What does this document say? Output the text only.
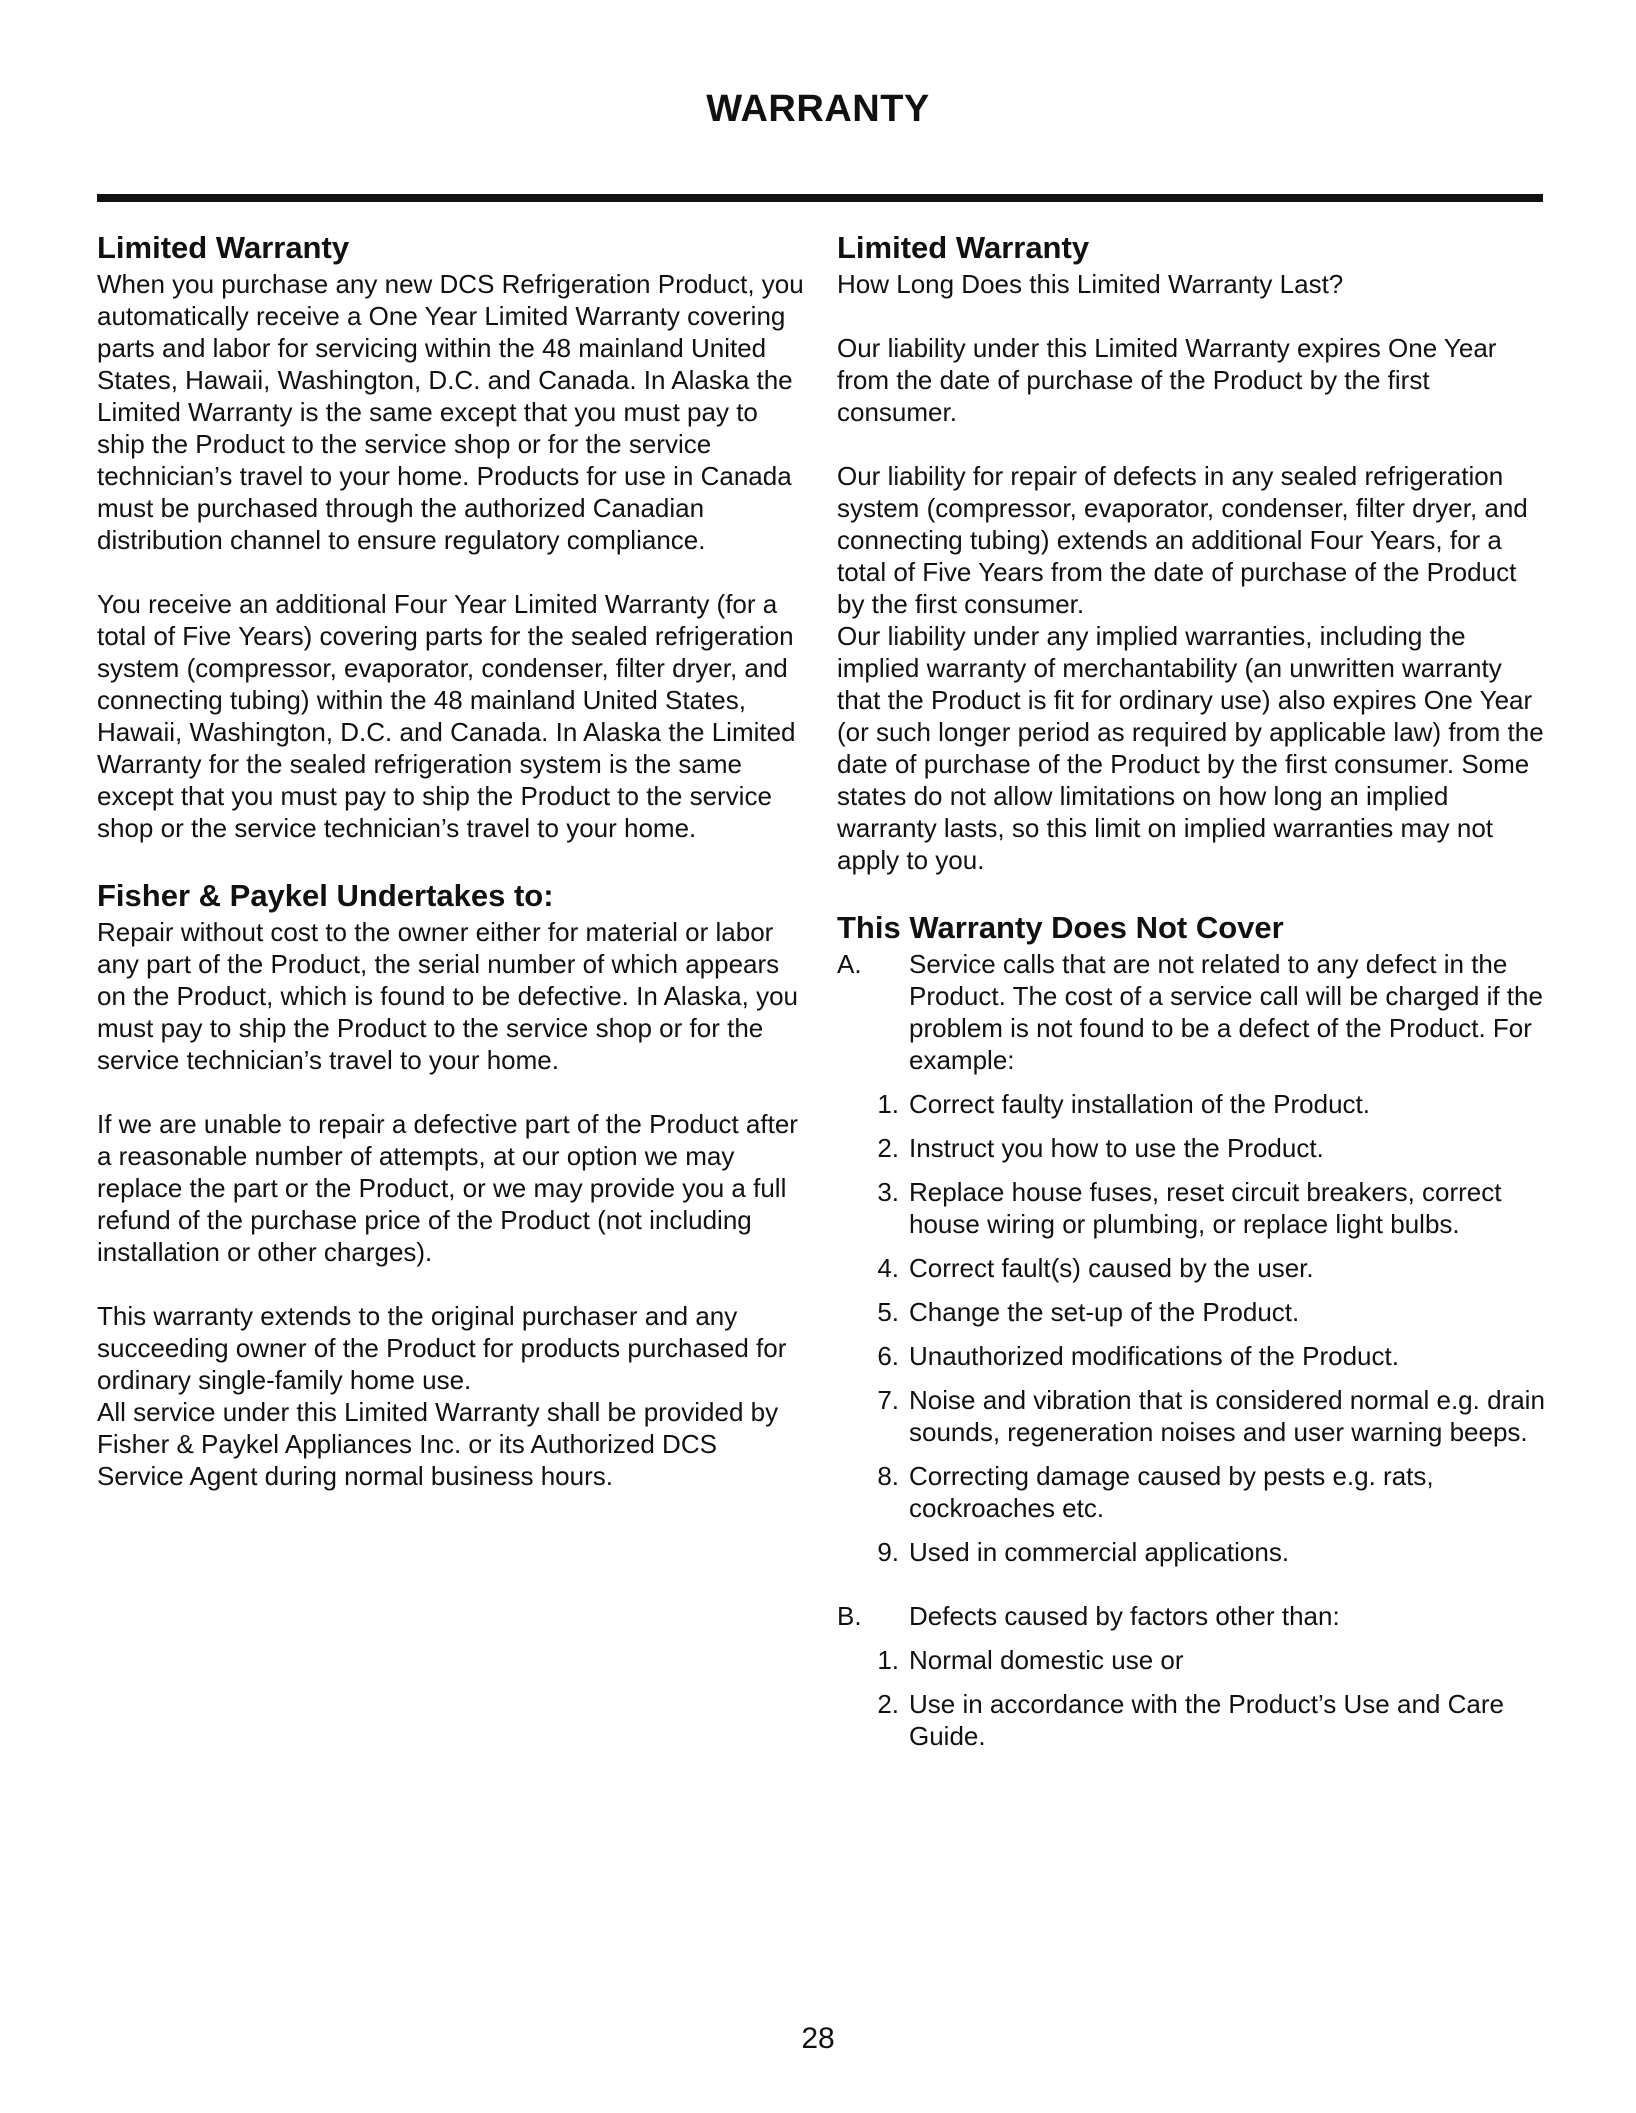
WARRANTY
Limited Warranty

When you purchase any new DCS Refrigeration Product, you automatically receive a One Year Limited Warranty covering parts and labor for servicing within the 48 mainland United States, Hawaii, Washington, D.C. and Canada. In Alaska the Limited Warranty is the same except that you must pay to ship the Product to the service shop or for the service technician’s travel to your home. Products for use in Canada must be purchased through the authorized Canadian distribution channel to ensure regulatory compliance.

You receive an additional Four Year Limited Warranty (for a total of Five Years) covering parts for the sealed refrigeration system (compressor, evaporator, condenser, filter dryer, and connecting tubing) within the 48 mainland United States, Hawaii, Washington, D.C. and Canada. In Alaska the Limited Warranty for the sealed refrigeration system is the same except that you must pay to ship the Product to the service shop or the service technician’s travel to your home.

Fisher & Paykel Undertakes to:

Repair without cost to the owner either for material or labor any part of the Product, the serial number of which appears on the Product, which is found to be defective. In Alaska, you must pay to ship the Product to the service shop or for the service technician’s travel to your home.

If we are unable to repair a defective part of the Product after a reasonable number of attempts, at our option we may replace the part or the Product, or we may provide you a full refund of the purchase price of the Product (not including installation or other charges).

This warranty extends to the original purchaser and any succeeding owner of the Product for products purchased for ordinary single-family home use.

All service under this Limited Warranty shall be provided by Fisher & Paykel Appliances Inc. or its Authorized DCS Service Agent during normal business hours.

Limited Warranty

How Long Does this Limited Warranty Last?

Our liability under this Limited Warranty expires One Year from the date of purchase of the Product by the first consumer.

Our liability for repair of defects in any sealed refrigeration system (compressor, evaporator, condenser, filter dryer, and connecting tubing) extends an additional Four Years, for a total of Five Years from the date of purchase of the Product by the first consumer.

Our liability under any implied warranties, including the implied warranty of merchantability (an unwritten warranty that the Product is fit for ordinary use) also expires One Year (or such longer period as required by applicable law) from the date of purchase of the Product by the first consumer. Some states do not allow limitations on how long an implied warranty lasts, so this limit on implied warranties may not apply to you.

This Warranty Does Not Cover
A.	Service calls that are not related to any defect in the Product. The cost of a service call will be charged if the problem is not found to be a defect of the Product. For example:
1. Correct faulty installation of the Product.
2. Instruct you how to use the Product.
3. Replace house fuses, reset circuit breakers, correct house wiring or plumbing, or replace light bulbs.
4. Correct fault(s) caused by the user.
5. Change the set-up of the Product.
6. Unauthorized modifications of the Product.
7. Noise and vibration that is considered normal e.g. drain sounds, regeneration noises and user warning beeps.
8. Correcting damage caused by pests e.g. rats, cockroaches etc.
9. Used in commercial applications.
B.	Defects caused by factors other than:
1. Normal domestic use or
2. Use in accordance with the Product’s Use and Care Guide.
28
